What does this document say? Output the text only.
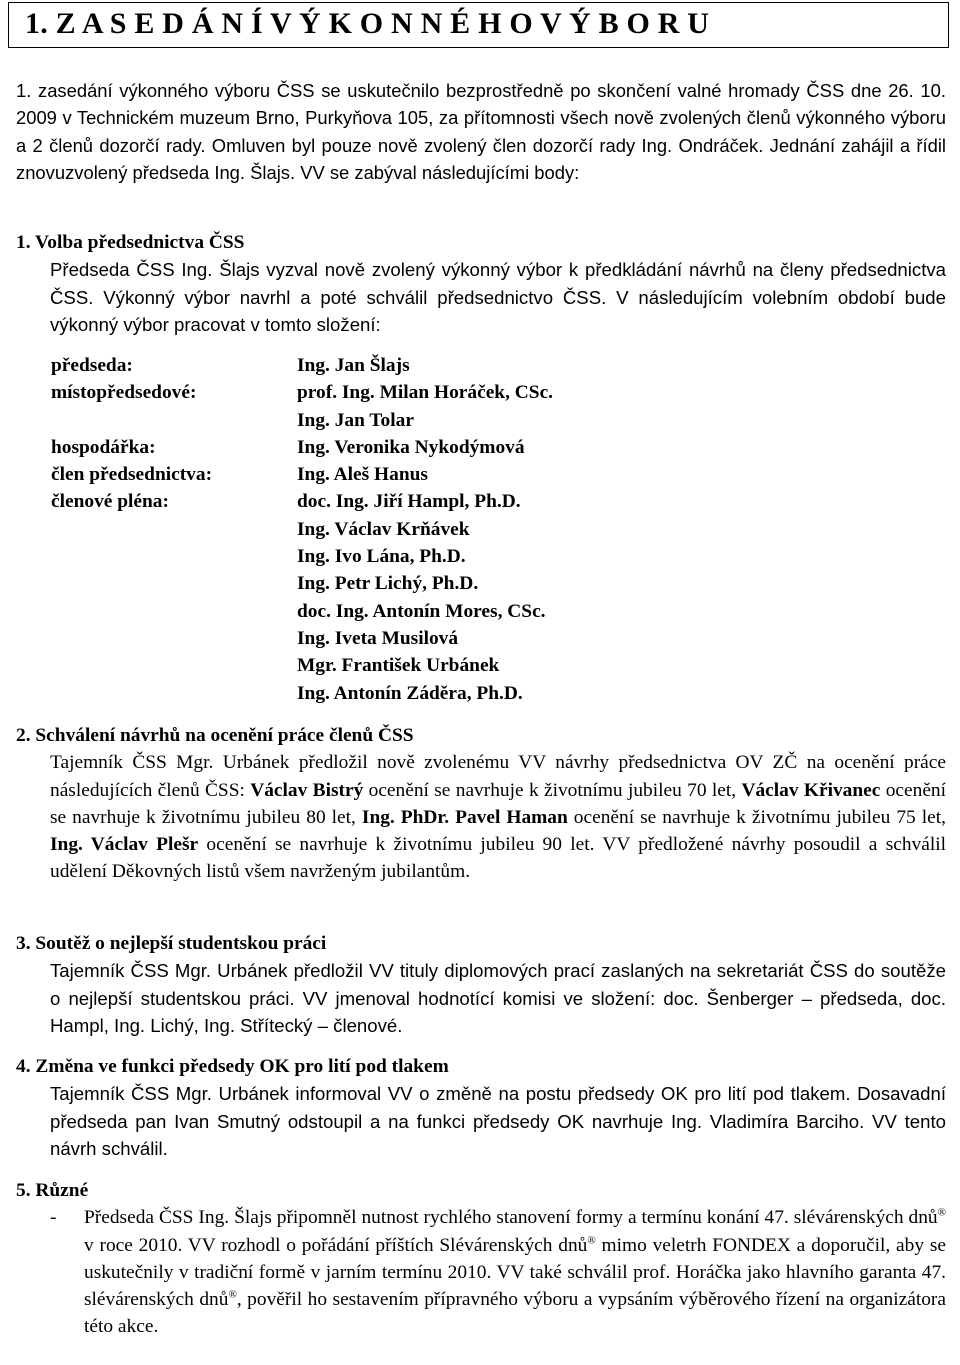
1. Z A S E D Á N Í V Ý K O N N É H O V Ý B O R U
1. zasedání výkonného výboru ČSS se uskutečnilo bezprostředně po skončení valné hromady ČSS dne 26. 10. 2009 v Technickém muzeum Brno, Purkyňova 105, za přítomnosti všech nově zvolených členů výkonného výboru a 2 členů dozorčí rady. Omluven byl pouze nově zvolený člen dozorčí rady Ing. Ondráček. Jednání zahájil a řídil znovuzvolený předseda Ing. Šlajs. VV se zabýval následujícími body:
1. Volba předsednictva ČSS
Předseda ČSS Ing. Šlajs vyzval nově zvolený výkonný výbor k předkládání návrhů na členy předsednictva ČSS. Výkonný výbor navrhl a poté schválil předsednictvo ČSS. V následujícím volebním období bude výkonný výbor pracovat v tomto složení:
předseda:	Ing. Jan Šlajs
místopředsedové:	prof. Ing. Milan Horáček, CSc.
Ing. Jan Tolar
hospodářka:	Ing. Veronika Nykodýmová
člen předsednictva:	Ing. Aleš Hanus
členové pléna:	doc. Ing. Jiří Hampl, Ph.D.
Ing. Václav Krňávek
Ing. Ivo Lána, Ph.D.
Ing. Petr Lichý, Ph.D.
doc. Ing. Antonín Mores, CSc.
Ing. Iveta Musilová
Mgr. František Urbánek
Ing. Antonín Záděra, Ph.D.
2. Schválení návrhů na ocenění práce členů ČSS
Tajemník ČSS Mgr. Urbánek předložil nově zvolenému VV návrhy předsednictva OV ZČ na ocenění práce následujících členů ČSS: Václav Bistrý ocenění se navrhuje k životnímu jubileu 70 let, Václav Křivanec ocenění se navrhuje k životnímu jubileu 80 let, Ing. PhDr. Pavel Haman ocenění se navrhuje k životnímu jubileu 75 let, Ing. Václav Plešr ocenění se navrhuje k životnímu jubileu 90 let. VV předložené návrhy posoudil a schválil udělení Děkovných listů všem navrženým jubilantům.
3. Soutěž o nejlepší studentskou práci
Tajemník ČSS Mgr. Urbánek předložil VV tituly diplomových prací zaslaných na sekretariát ČSS do soutěže o nejlepší studentskou práci. VV jmenoval hodnotící komisi ve složení: doc. Šenberger – předseda, doc. Hampl, Ing. Lichý, Ing. Střítecký – členové.
4. Změna ve funkci předsedy OK pro lití pod tlakem
Tajemník ČSS Mgr. Urbánek informoval VV o změně na postu předsedy OK pro lití pod tlakem. Dosavadní předseda pan Ivan Smutný odstoupil a na funkci předsedy OK navrhuje Ing. Vladimíra Barciho. VV tento návrh schválil.
5. Různé
-	Předseda ČSS Ing. Šlajs připomněl nutnost rychlého stanovení formy a termínu konání 47. slévárenských dnů® v roce 2010. VV rozhodl o pořádání příštích Slévárenských dnů® mimo veletrh FONDEX a doporučil, aby se uskutečnily v tradiční formě v jarním termínu 2010. VV také schválil prof. Horáčka jako hlavního garanta 47. slévárenských dnů®, pověřil ho sestavením přípravného výboru a vypsáním výběrového řízení na organizátora této akce.
